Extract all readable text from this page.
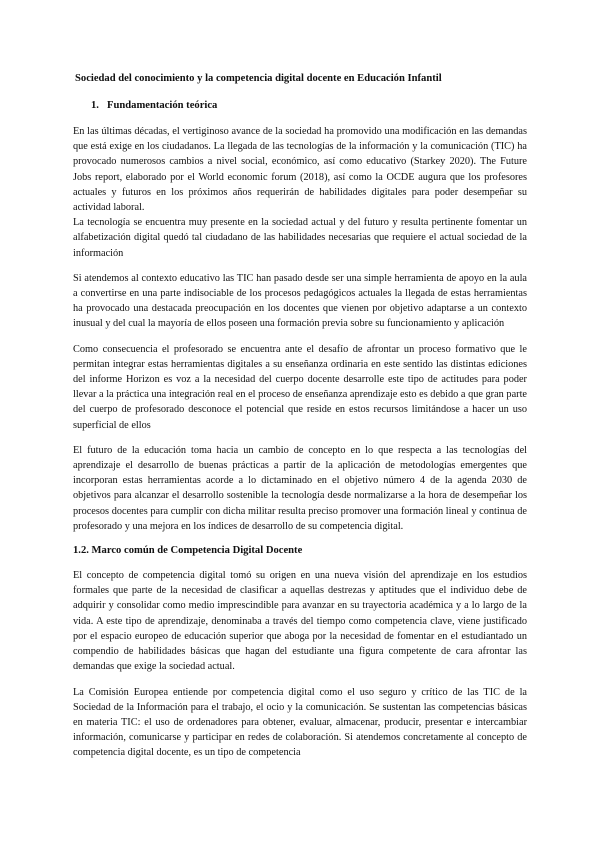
Sociedad del conocimiento y la competencia digital docente en Educación Infantil

1. Fundamentación teórica

En las últimas décadas, el vertiginoso avance de la sociedad ha promovido una modificación en las demandas que está exige en los ciudadanos. La llegada de las tecnologías de la información y la comunicación (TIC) ha provocado numerosos cambios a nivel social, económico, así como educativo (Starkey 2020). The Future Jobs report, elaborado por el World economic forum (2018), así como la OCDE augura que los profesores actuales y futuros en los próximos años requerirán de habilidades digitales para poder desempeñar su actividad laboral.

La tecnología se encuentra muy presente en la sociedad actual y del futuro y resulta pertinente fomentar un alfabetización digital quedó tal ciudadano de las habilidades necesarias que requiere el actual sociedad de la información

Si atendemos al contexto educativo las TIC han pasado desde ser una simple herramienta de apoyo en la aula a convertirse en una parte indisociable de los procesos pedagógicos actuales la llegada de estas herramientas ha provocado una destacada preocupación en los docentes que vienen por objetivo adaptarse a un contexto inusual y del cual la mayoría de ellos poseen una formación previa sobre su funcionamiento y aplicación

Como consecuencia el profesorado se encuentra ante el desafío de afrontar un proceso formativo que le permitan integrar estas herramientas digitales a su enseñanza ordinaria en este sentido las distintas ediciones del informe Horizon es voz a la necesidad del cuerpo docente desarrolle este tipo de actitudes para poder llevar a la práctica una integración real en el proceso de enseñanza aprendizaje esto es debido a que gran parte del cuerpo de profesorado desconoce el potencial que reside en estos recursos limitándose a hacer un uso superficial de ellos

El futuro de la educación toma hacia un cambio de concepto en lo que respecta a las tecnologías del aprendizaje el desarrollo de buenas prácticas a partir de la aplicación de metodologías emergentes que incorporan estas herramientas acorde a lo dictaminado en el objetivo número 4 de la agenda 2030 de objetivos para alcanzar el desarrollo sostenible la tecnología desde normalizarse a la hora de desempeñar los procesos docentes para cumplir con dicha militar resulta preciso promover una formación lineal y continua de profesorado y una mejora en los índices de desarrollo de su competencia digital.

1.2. Marco común de Competencia Digital Docente

El concepto de competencia digital tomó su origen en una nueva visión del aprendizaje en los estudios formales que parte de la necesidad de clasificar a aquellas destrezas y aptitudes que el individuo debe de adquirir y consolidar como medio imprescindible para avanzar en su trayectoria académica y a lo largo de la vida. A este tipo de aprendizaje, denominaba a través del tiempo como competencia clave, viene justificado por el espacio europeo de educación superior que aboga por la necesidad de fomentar en el estudiantado un compendio de habilidades básicas que hagan del estudiante una figura competente de cara afrontar las demandas que exige la sociedad actual.

La Comisión Europea entiende por competencia digital como el uso seguro y crítico de las TIC de la Sociedad de la Información para el trabajo, el ocio y la comunicación. Se sustentan las competencias básicas en materia TIC: el uso de ordenadores para obtener, evaluar, almacenar, producir, presentar e intercambiar información, comunicarse y participar en redes de colaboración. Si atendemos concretamente al concepto de competencia digital docente, es un tipo de competencia
